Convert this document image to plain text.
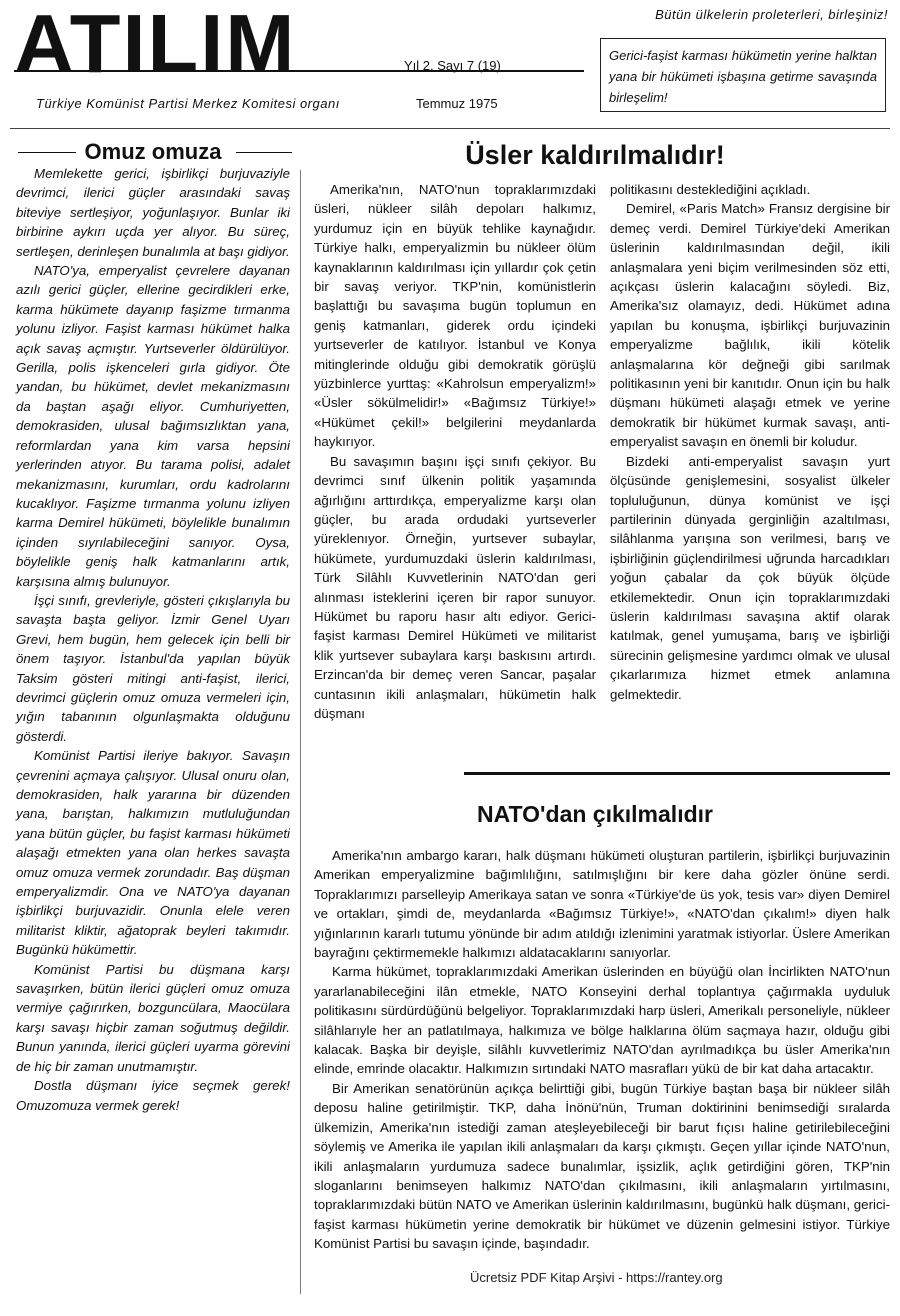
ATILIM
Türkiye Komünist Partisi Merkez Komitesi organı
Yıl 2, Sayı 7 (19)
Temmuz 1975
Bütün ülkelerin proleterleri, birleşiniz!
Gerici-faşist karması hükümetin yerine halktan yana bir hükümeti işbaşına getirme savaşında birleşelim!
Omuz omuza

Memlekette gerici, işbirlikçi burjuvaziyle devrimci, ilerici güçler arasındaki savaş biteviye sertleşiyor, yoğunlaşıyor. Bunlar iki birbirine aykırı uçda yer alıyor. Bu süreç, sertleşen, derinleşen bunalımla at başı gidiyor.

NATO'ya, emperyalist çevrelere dayanan azılı gerici güçler, ellerine gecirdikleri erke, karma hükümete dayanıp faşizme tırmanma yolunu izliyor. Faşist karması hükümet halka açık savaş açmıştır. Yurtseverler öldürülüyor. Gerilla, polis işkenceleri gırla gidiyor. Öte yandan, bu hükümet, devlet mekanizmasını da baştan aşağı eliyor. Cumhuriyetten, demokrasiden, ulusal bağımsızlıktan yana, reformlardan yana kim varsa hepsini yerlerinden atıyor. Bu tarama polisi, adalet mekanizmasını, kurumları, ordu kadrolarını kucaklıyor. Faşizme tırmanma yolunu izliyen karma Demirel hükümeti, böylelikle bunalımın içinden sıyrılabileceğini sanıyor. Oysa, böylelikle geniş halk katmanlarını artık, karşısına almış bulunuyor.

İşçi sınıfı, grevleriyle, gösteri çıkışlarıyla bu savaşta başta geliyor. İzmir Genel Uyarı Grevi, hem bugün, hem gelecek için belli bir önem taşıyor. İstanbul'da yapılan büyük Taksim gösteri mitingi anti-faşist, ilerici, devrimci güçlerin omuz omuza vermeleri için, yığın tabanının olgunlaşmakta olduğunu gösterdi.

Komünist Partisi ileriye bakıyor. Savaşın çevrenini açmaya çalışıyor. Ulusal onuru olan, demokrasiden, halk yararına bir düzenden yana, barıştan, halkımızın mutluluğundan yana bütün güçler, bu faşist karması hükümeti alaşağı etmekten yana olan herkes savaşta omuz omuza vermek zorundadır. Baş düşman emperyalizmdir. Ona ve NATO'ya dayanan işbirlikçi burjuvazidir. Onunla elele veren militarist kliktir, ağatoprak beyleri takımıdır. Bugünkü hükümettir.

Komünist Partisi bu düşmana karşı savaşırken, bütün ilerici güçleri omuz omuza vermiye çağırırken, bozguncülara, Maocülara karşı savaşı hiçbir zaman soğutmuş değildir. Bunun yanında, ilerici güçleri uyarma görevini de hiç bir zaman unutmamıştır.

Dostla düşmanı iyice seçmek gerek! Omuzomuza vermek gerek!

Üsler kaldırılmalıdır!

Amerika'nın, NATO'nun topraklarımızdaki üsleri, nükleer silâh depoları halkımız, yurdumuz için en büyük tehlike kaynağıdır. Türkiye halkı, emperyalizmin bu nükleer ölüm kaynaklarının kaldırılması için yıllardır çok çetin bir savaş veriyor. TKP'nin, komünistlerin başlattığı bu savaşıma bugün toplumun en geniş katmanları, giderek ordu içindeki yurtseverler de katılıyor. İstanbul ve Konya mitinglerinde olduğu gibi demokratik görüşlü yüzbinlerce yurttaş: «Kahrolsun emperyalizm!» «Üsler sökülmelidir!» «Bağımsız Türkiye!» «Hükümet çekil!» belgilerini meydanlarda haykırıyor.

Bu savaşımın başını işçi sınıfı çekiyor. Bu devrimci sınıf ülkenin politik yaşamında ağırlığını arttırdıkça, emperyalizme karşı olan güçler, bu arada ordudaki yurtseverler yüreklenıyor. Örneğin, yurtsever subaylar, hükümete, yurdumuzdaki üslerin kaldırılması, Türk Silâhlı Kuvvetlerinin NATO'dan geri alınması isteklerini içeren bir rapor sunuyor. Hükümet bu raporu hasır altı ediyor. Gerici-faşist karması Demirel Hükümeti ve militarist klik yurtsever subaylara karşı baskısını artırdı. Erzincan'da bir demeç veren Sancar, paşalar cuntasının ikili anlaşmaları, hükümetin halk düşmanı

politikasını desteklediğini açıkladı.

Demirel, «Paris Match» Fransız dergisine bir demeç verdi. Demirel Türkiye'deki Amerikan üslerinin kaldırılmasından değil, ikili anlaşmalara yeni biçim verilmesinden söz etti, açıkçası üslerin kalacağını söyledi. Biz, Amerika'sız olamayız, dedi. Hükümet adına yapılan bu konuşma, işbirlikçi burjuvazinin emperyalizme bağlılık, ikili kötelik anlaşmalarına kör değneği gibi sarılmak politikasının yeni bir kanıtıdır. Onun için bu halk düşmanı hükümeti alaşağı etmek ve yerine demokratik bir hükümet kurmak savaşı, anti-emperyalist savaşın en önemli bir koludur.

Bizdeki anti-emperyalist savaşın yurt ölçüsünde genişlemesini, sosyalist ülkeler topluluğunun, dünya komünist ve işçi partilerinin dünyada gerginliğin azaltılması, silâhlanma yarışına son verilmesi, barış ve işbirliğinin güçlendirilmesi uğrunda harcadıkları yoğun çabalar da çok büyük ölçüde etkilemektedir. Onun için topraklarımızdaki üslerin kaldırılması savaşına aktif olarak katılmak, genel yumuşama, barış ve işbirliği sürecinin gelişmesine yardımcı olmak ve ulusal çıkarlarımıza hizmet etmek anlamına gelmektedir.

NATO'dan çıkılmalıdır

Amerika'nın ambargo kararı, halk düşmanı hükümeti oluşturan partilerin, işbirlikçi burjuvazinin Amerikan emperyalizmine bağımlılığını, satılmışlığını bir kere daha gözler önüne serdi. Topraklarımızı parselleyip Amerikaya satan ve sonra «Türkiye'de üs yok, tesis var» diyen Demirel ve ortakları, şimdi de, meydanlarda «Bağımsız Türkiye!», «NATO'dan çıkalım!» diyen halk yığınlarının kararlı tutumu yönünde bir adım atıldığı izlenimini yaratmak istiyorlar. Üslere Amerikan bayrağını çektirmemekle halkımızı aldatacaklarını sanıyorlar.

Karma hükümet, topraklarımızdaki Amerikan üslerinden en büyüğü olan İncirlikten NATO'nun yararlanabileceğini ilân etmekle, NATO Konseyini derhal toplantıya çağırmakla uyduluk politikasını sürdürdüğünü belgeliyor. Topraklarımızdaki harp üsleri, Amerikalı personeliyle, nükleer silâhlarıyle her an patlatılmaya, halkımıza ve bölge halklarına ölüm saçmaya hazır, olduğu gibi kalacak. Başka bir deyişle, silâhlı kuvvetlerimiz NATO'dan ayrılmadıkça bu üsler Amerika'nın elinde, emrinde olacaktır. Halkımızın sırtındaki NATO masrafları yükü de bir kat daha artacaktır.

Bir Amerikan senatörünün açıkça belirttiği gibi, bugün Türkiye baştan başa bir nükleer silâh deposu haline getirilmiştir. TKP, daha İnönü'nün, Truman doktirinini benimsediği sıralarda ülkemizin, Amerika'nın istediği zaman ateşleyebileceği bir barut fıçısı haline getirilebileceğini söylemiş ve Amerika ile yapılan ikili anlaşmaları da karşı çıkmıştı. Geçen yıllar içinde NATO'nun, ikili anlaşmaların yurdumuza sadece bunalımlar, işsizlik, açlık getirdiğini gören, TKP'nin sloganlarını benimseyen halkımız NATO'dan çıkılmasını, ikili anlaşmaların yırtılmasını, topraklarımızdaki bütün NATO ve Amerikan üslerinin kaldırılmasını, bugünkü halk düşmanı, gerici-faşist karması hükümetin yerine demokratik bir hükümet ve düzenin gelmesini istiyor. Türkiye Komünist Partisi bu savaşın içinde, başındadır.

Ücretsiz PDF Kitap Arşivi - https://rantey.org
